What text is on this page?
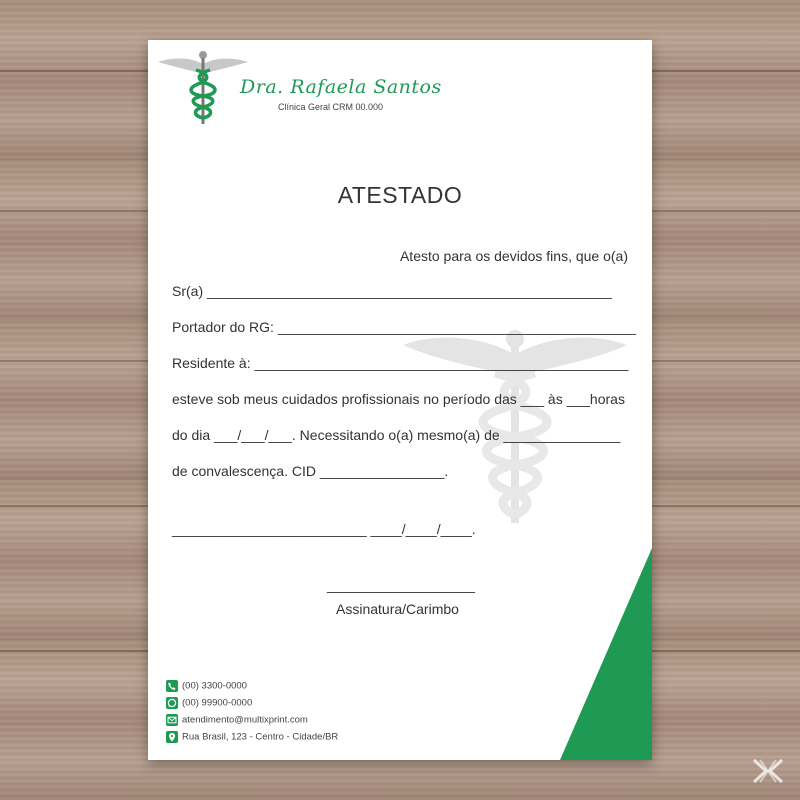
Dra. Rafaela Santos
Clínica Geral CRM 00.000
ATESTADO
Atesto para os devidos fins, que o(a)
Sr(a) ____________________________________________________
Portador do RG: ______________________________________________
Residente à: ________________________________________________
esteve sob meus cuidados profissionais no período das ___ às ___horas
do dia ___/___/___. Necessitando o(a) mesmo(a) de _______________
de convalescença. CID ________________.
_________________________ ____/____/____.
___________________
Assinatura/Carimbo
(00) 3300-0000
(00) 99900-0000
atendimento@multixprint.com
Rua Brasil, 123 - Centro - Cidade/BR
